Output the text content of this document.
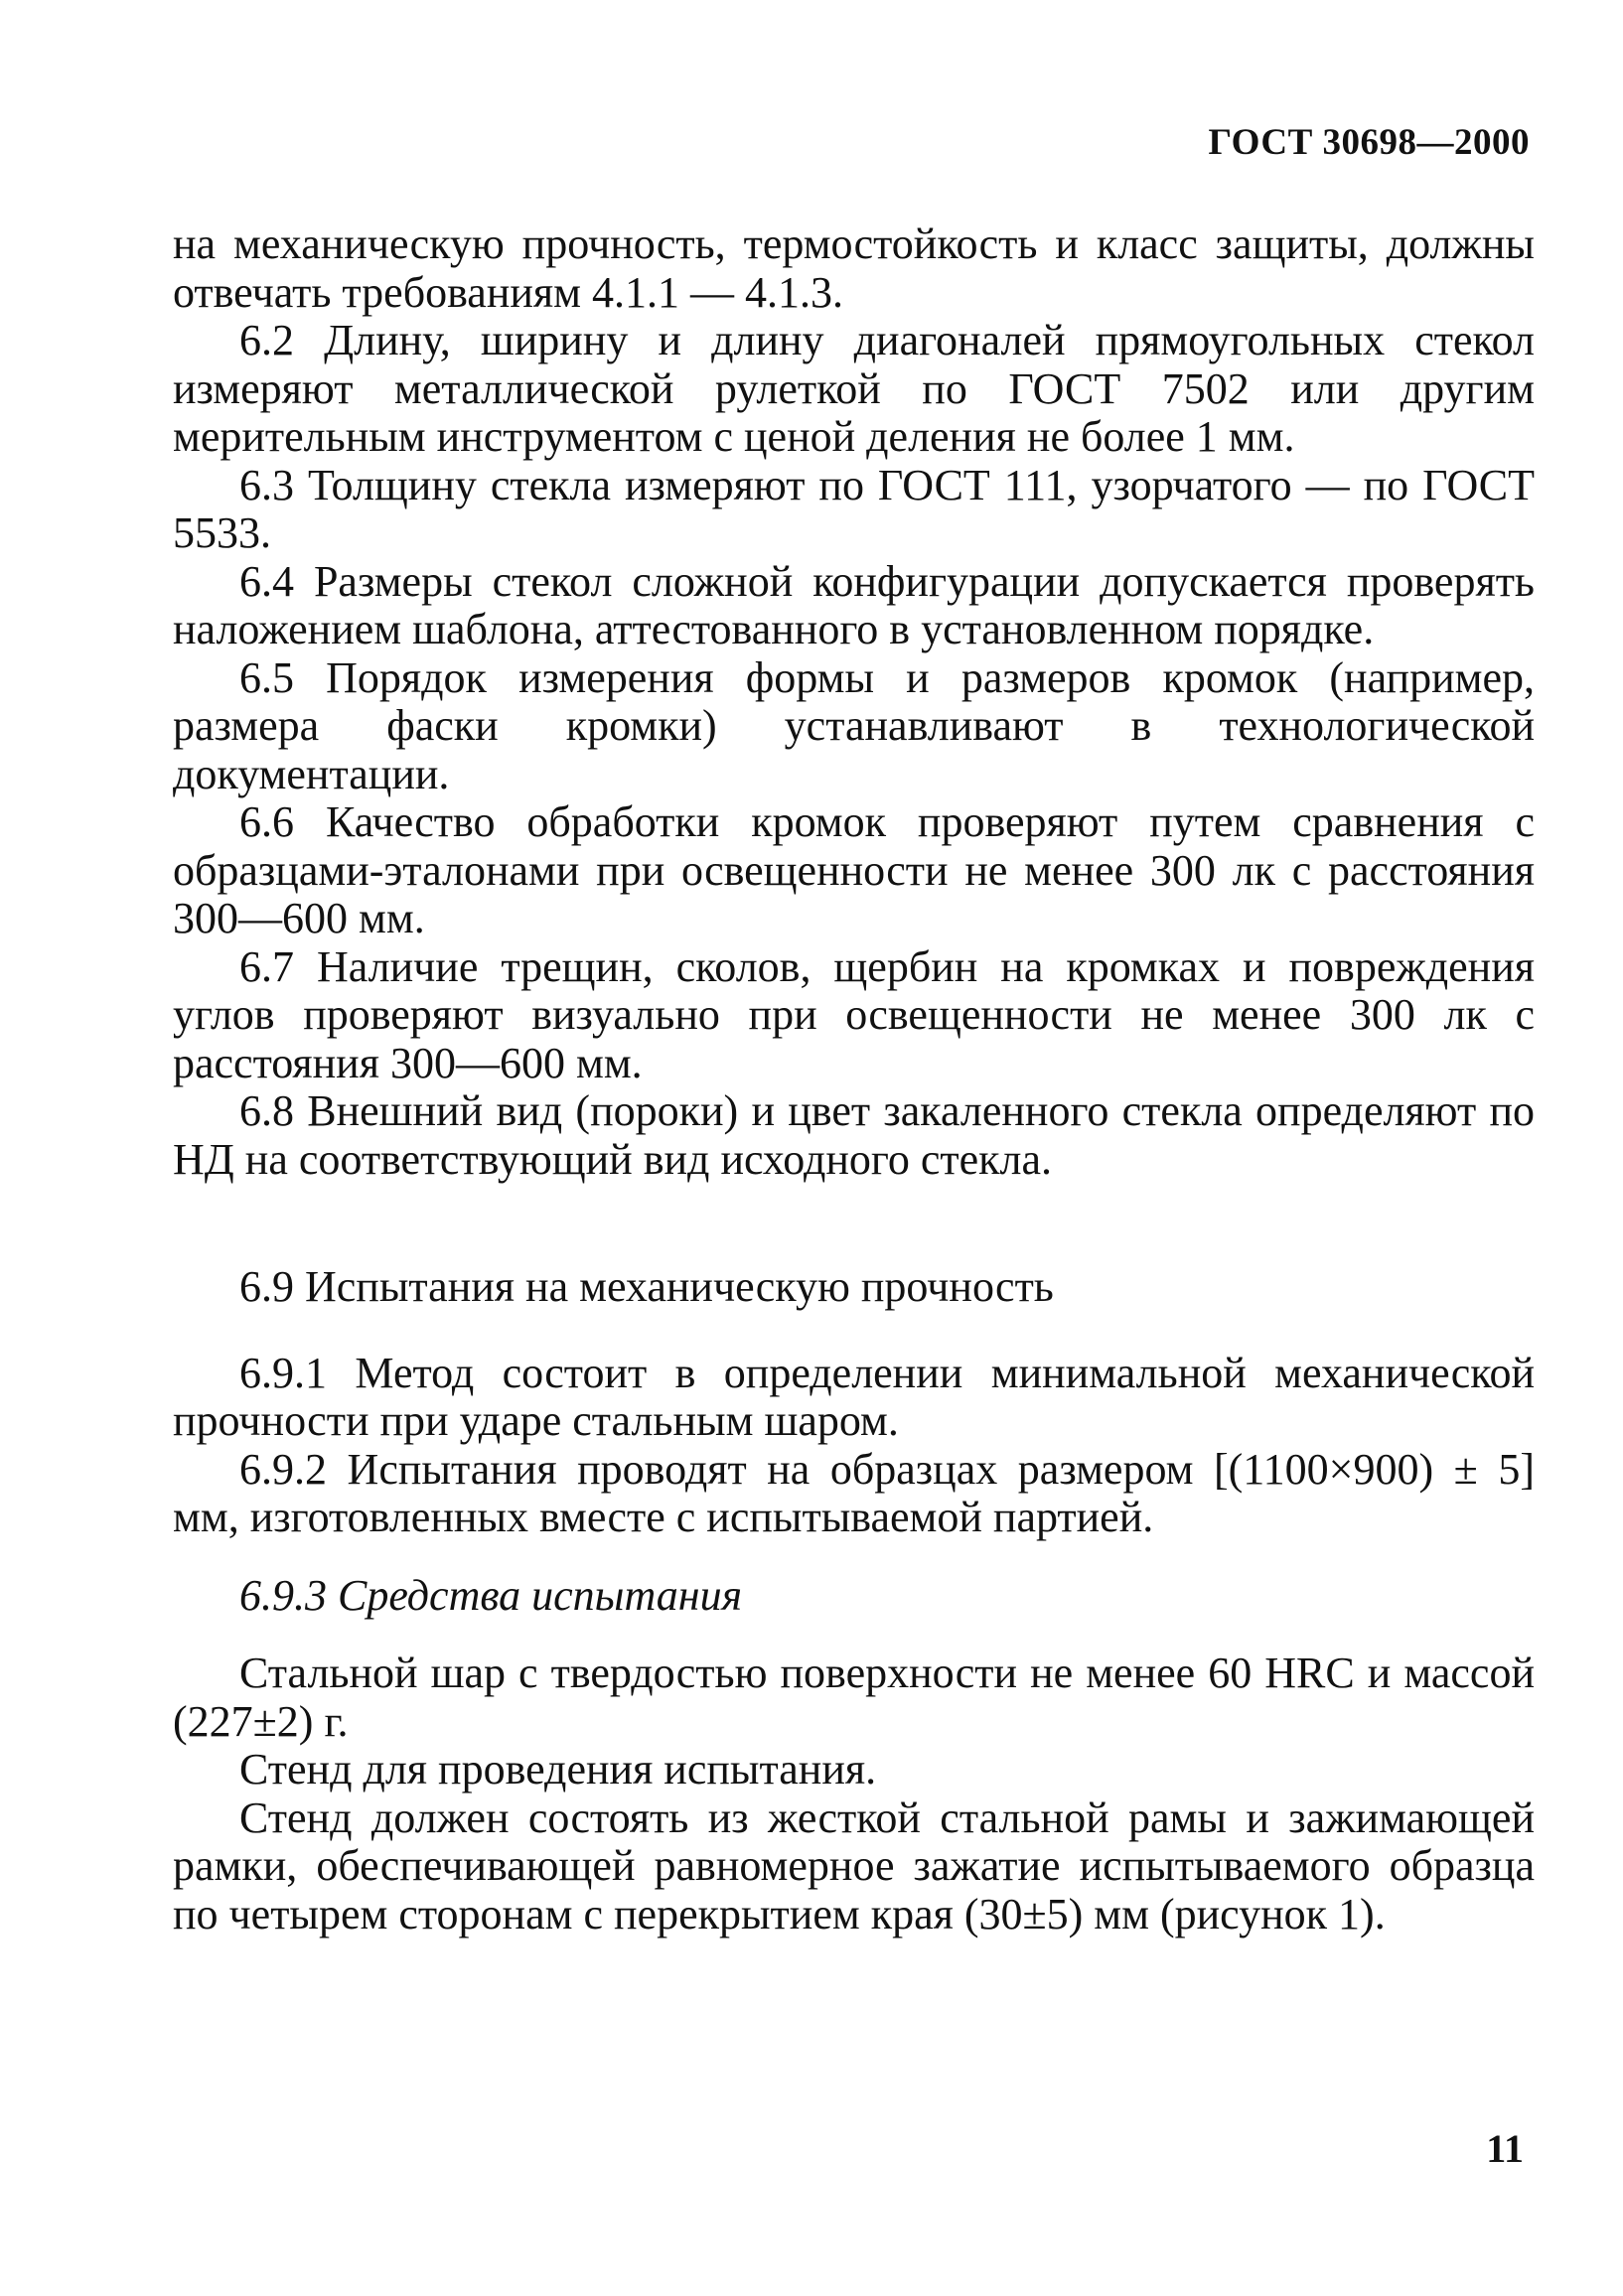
ГОСТ 30698—2000

на механическую прочность, термостойкость и класс защиты, должны отвечать требованиям 4.1.1 — 4.1.3.

6.2 Длину, ширину и длину диагоналей прямоугольных стекол измеряют металлической рулеткой по ГОСТ 7502 или другим мерительным инструментом с ценой деления не более 1 мм.

6.3 Толщину стекла измеряют по ГОСТ 111, узорчатого — по ГОСТ 5533.

6.4 Размеры стекол сложной конфигурации допускается проверять наложением шаблона, аттестованного в установленном порядке.

6.5 Порядок измерения формы и размеров кромок (например, размера фаски кромки) устанавливают в технологической документации.

6.6 Качество обработки кромок проверяют путем сравнения с образцами-эталонами при освещенности не менее 300 лк с расстояния 300—600 мм.

6.7 Наличие трещин, сколов, щербин на кромках и повреждения углов проверяют визуально при освещенности не менее 300 лк с расстояния 300—600 мм.

6.8 Внешний вид (пороки) и цвет закаленного стекла определяют по НД на соответствующий вид исходного стекла.

6.9 Испытания на механическую прочность

6.9.1 Метод состоит в определении минимальной механической прочности при ударе стальным шаром.

6.9.2 Испытания проводят на образцах размером [(1100×900) ± 5] мм, изготовленных вместе с испытываемой партией.

6.9.3 Средства испытания

Стальной шар с твердостью поверхности не менее 60 HRC и массой (227±2) г.

Стенд для проведения испытания.

Стенд должен состоять из жесткой стальной рамы и зажимающей рамки, обеспечивающей равномерное зажатие испытываемого образца по четырем сторонам с перекрытием края (30±5) мм (рисунок 1).

11
